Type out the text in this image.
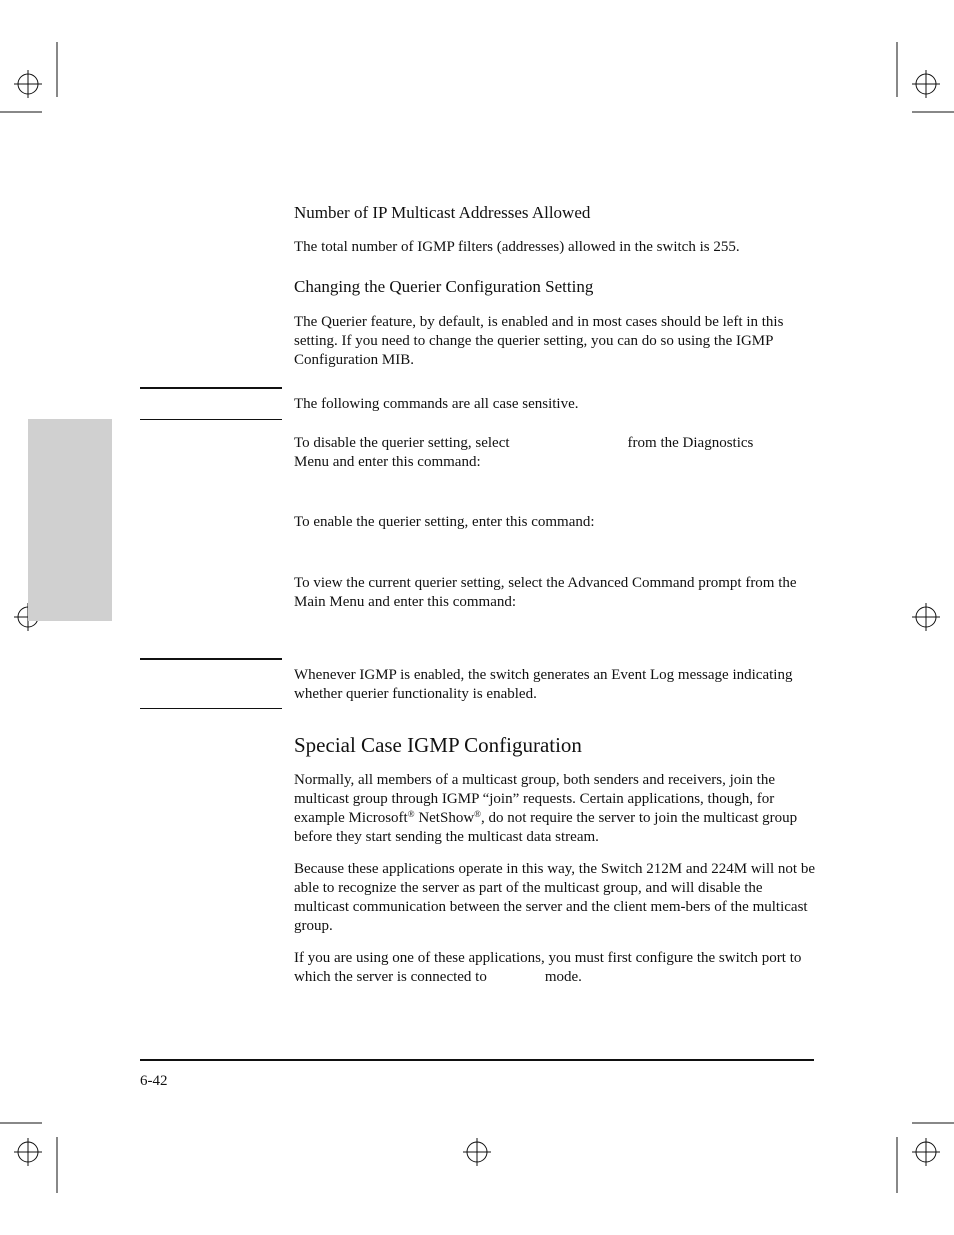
Number of IP Multicast Addresses Allowed

The total number of IGMP filters (addresses) allowed in the switch is 255.

Changing the Querier Configuration Setting

The Querier feature, by default, is enabled and in most cases should be left in this setting. If you need to change the querier setting, you can do so using the IGMP Configuration MIB.

The following commands are all case sensitive.

To disable the querier setting, select	from the Diagnostics
Menu and enter this command:

To enable the querier setting, enter this command:

To view the current querier setting, select the Advanced Command prompt from the Main Menu and enter this command:

Whenever IGMP is enabled, the switch generates an Event Log message indicating whether querier functionality is enabled.

Special Case IGMP Configuration

Normally, all members of a multicast group, both senders and receivers, join the multicast group through IGMP “join” requests. Certain applications, though, for example Microsoft® NetShow®, do not require the server to join the multicast group before they start sending the multicast data stream.

Because these applications operate in this way, the Switch 212M and 224M will not be able to recognize the server as part of the multicast group, and will disable the multicast communication between the server and the client mem-bers of the multicast group.

If you are using one of these applications, you must first configure the switch port to which the server is connected to	mode.

6-42
